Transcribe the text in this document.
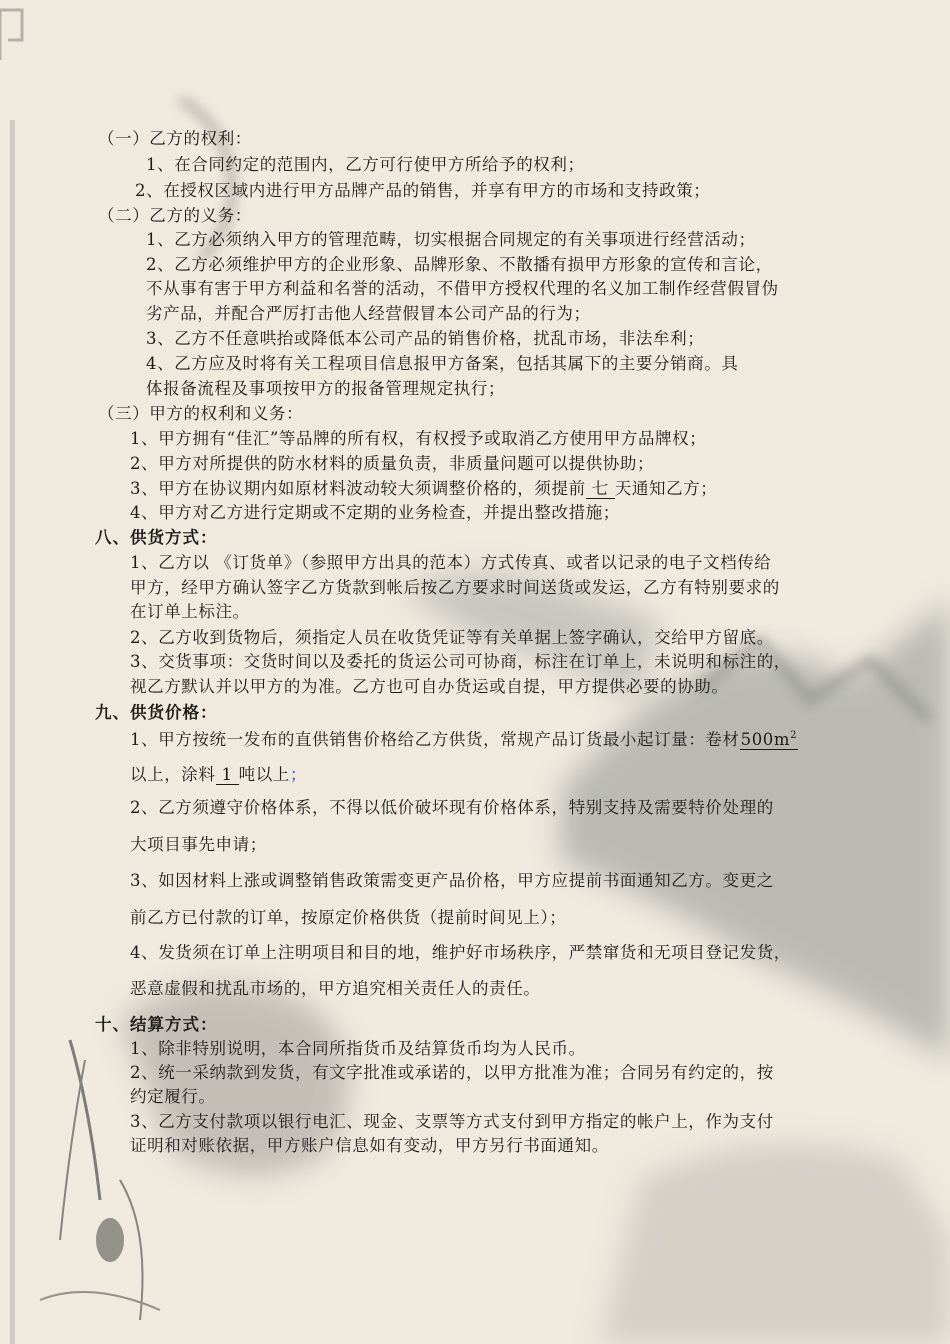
（一）乙方的权利：
1、在合同约定的范围内，乙方可行使甲方所给予的权利；
2、在授权区域内进行甲方品牌产品的销售，并享有甲方的市场和支持政策；
（二）乙方的义务：
1、乙方必须纳入甲方的管理范畴，切实根据合同规定的有关事项进行经营活动；
2、乙方必须维护甲方的企业形象、品牌形象、不散播有损甲方形象的宣传和言论，
不从事有害于甲方利益和名誉的活动，不借甲方授权代理的名义加工制作经营假冒伪
劣产品，并配合严厉打击他人经营假冒本公司产品的行为；
3、乙方不任意哄抬或降低本公司产品的销售价格，扰乱市场，非法牟利；
4、乙方应及时将有关工程项目信息报甲方备案，包括其属下的主要分销商。具
体报备流程及事项按甲方的报备管理规定执行；
（三）甲方的权利和义务：
1、甲方拥有“佳汇”等品牌的所有权，有权授予或取消乙方使用甲方品牌权；
2、甲方对所提供的防水材料的质量负责，非质量问题可以提供协助；
3、甲方在协议期内如原材料波动较大须调整价格的，须提前 七 天通知乙方；
4、甲方对乙方进行定期或不定期的业务检查，并提出整改措施；
八、供货方式：
1、乙方以 《订货单》（参照甲方出具的范本）方式传真、或者以记录的电子文档传给
甲方，经甲方确认签字乙方货款到帐后按乙方要求时间送货或发运，乙方有特别要求的
在订单上标注。
2、乙方收到货物后，须指定人员在收货凭证等有关单据上签字确认，交给甲方留底。
3、交货事项：交货时间以及委托的货运公司可协商，标注在订单上，未说明和标注的，
视乙方默认并以甲方的为准。乙方也可自办货运或自提，甲方提供必要的协助。
九、供货价格：
1、甲方按统一发布的直供销售价格给乙方供货，常规产品订货最小起订量：卷材$500m^2$
以上，涂料 1 吨以上；
2、乙方须遵守价格体系，不得以低价破坏现有价格体系，特别支持及需要特价处理的
大项目事先申请；
3、如因材料上涨或调整销售政策需变更产品价格，甲方应提前书面通知乙方。变更之
前乙方已付款的订单，按原定价格供货（提前时间见上）；
4、发货须在订单上注明项目和目的地，维护好市场秩序，严禁窜货和无项目登记发货，
恶意虚假和扰乱市场的，甲方追究相关责任人的责任。
十、结算方式：
1、除非特别说明，本合同所指货币及结算货币均为人民币。
2、统一采纳款到发货，有文字批准或承诺的，以甲方批准为准；合同另有约定的，按
约定履行。
3、乙方支付款项以银行电汇、现金、支票等方式支付到甲方指定的帐户上，作为支付
证明和对账依据，甲方账户信息如有变动，甲方另行书面通知。
